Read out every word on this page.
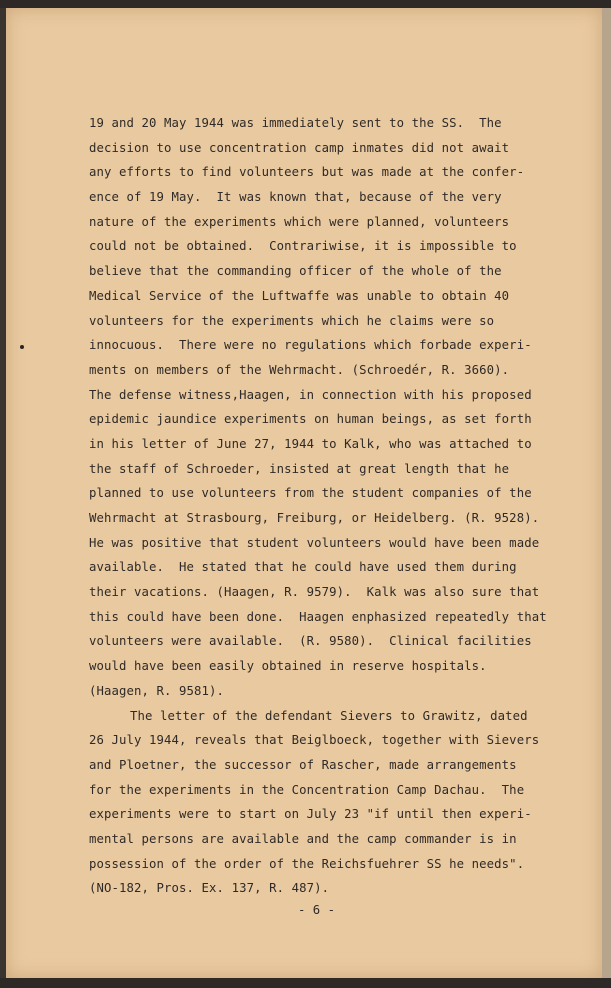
19 and 20 May 1944 was immediately sent to the SS.  The
decision to use concentration camp inmates did not await
any efforts to find volunteers but was made at the confer-
ence of 19 May.  It was known that, because of the very
nature of the experiments which were planned, volunteers
could not be obtained.  Contrariwise, it is impossible to
believe that the commanding officer of the whole of the
Medical Service of the Luftwaffe was unable to obtain 40
volunteers for the experiments which he claims were so
innocuous.  There were no regulations which forbade experi-
ments on members of the Wehrmacht. (Schroedér, R. 3660).
The defense witness,Haagen, in connection with his proposed
epidemic jaundice experiments on human beings, as set forth
in his letter of June 27, 1944 to Kalk, who was attached to
the staff of Schroeder, insisted at great length that he
planned to use volunteers from the student companies of the
Wehrmacht at Strasbourg, Freiburg, or Heidelberg. (R. 9528).
He was positive that student volunteers would have been made
available.  He stated that he could have used them during
their vacations. (Haagen, R. 9579).  Kalk was also sure that
this could have been done.  Haagen enphasized repeatedly that
volunteers were available.  (R. 9580).  Clinical facilities
would have been easily obtained in reserve hospitals.
(Haagen, R. 9581).
The letter of the defendant Sievers to Grawitz, dated
26 July 1944, reveals that Beiglboeck, together with Sievers
and Ploetner, the successor of Rascher, made arrangements
for the experiments in the Concentration Camp Dachau.  The
experiments were to start on July 23 "if until then experi-
mental persons are available and the camp commander is in
possession of the order of the Reichsfuehrer SS he needs".
(NO-182, Pros. Ex. 137, R. 487).
- 6 -
